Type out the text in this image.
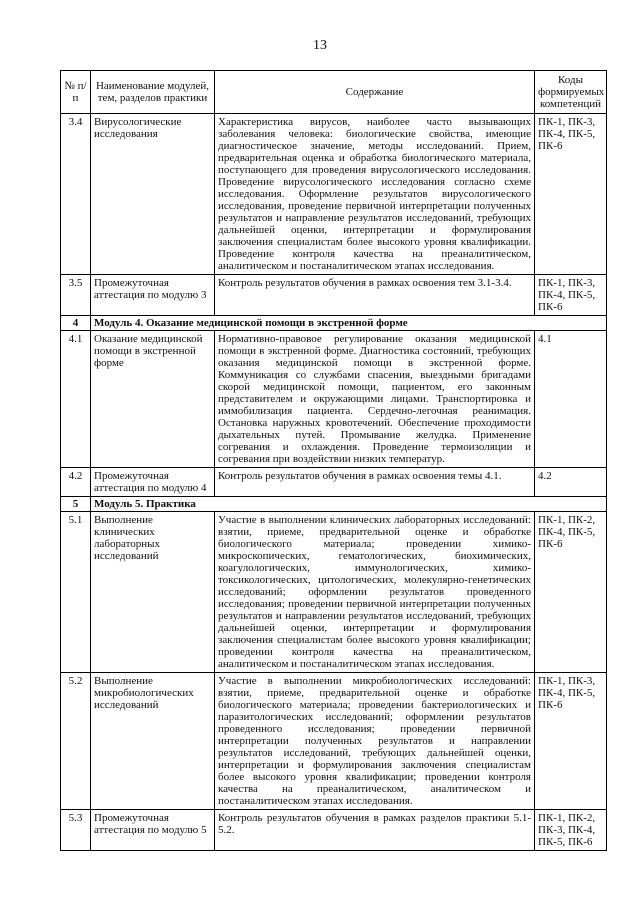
13
№ п/п	Наименование модулей, тем, разделов практики	Содержание	Коды формируемых компетенций
3.4	Вирусологические исследования	Характеристика вирусов, наиболее часто вызывающих заболевания человека: биологические свойства, имеющие диагностическое значение, методы исследований. Прием, предварительная оценка и обработка биологического материала, поступающего для проведения вирусологического исследования. Проведение вирусологического исследования согласно схеме исследования. Оформление результатов вирусологического исследования, проведение первичной интерпретации полученных результатов и направление результатов исследований, требующих дальнейшей оценки, интерпретации и формулирования заключения специалистам более высокого уровня квалификации. Проведение контроля качества на преаналитическом, аналитическом и постаналитическом этапах исследования.	ПК-1, ПК-3, ПК-4, ПК-5, ПК-6
3.5	Промежуточная аттестация по модулю 3	Контроль результатов обучения в рамках освоения тем 3.1-3.4.	ПК-1, ПК-3, ПК-4, ПК-5, ПК-6
4	Модуль 4. Оказание медицинской помощи в экстренной форме		
4.1	Оказание медицинской помощи в экстренной форме	Нормативно-правовое регулирование оказания медицинской помощи в экстренной форме. Диагностика состояний, требующих оказания медицинской помощи в экстренной форме. Коммуникация со службами спасения, выездными бригадами скорой медицинской помощи, пациентом, его законным представителем и окружающими лицами. Транспортировка и иммобилизация пациента. Сердечно-легочная реанимация. Остановка наружных кровотечений. Обеспечение проходимости дыхательных путей. Промывание желудка. Применение согревания и охлаждения. Проведение термоизоляции и согревания при воздействии низких температур.	4.1
4.2	Промежуточная аттестация по модулю 4	Контроль результатов обучения в рамках освоения темы 4.1.	4.2
5	Модуль 5. Практика		
5.1	Выполнение клинических лабораторных исследований	Участие в выполнении клинических лабораторных исследований: взятии, приеме, предварительной оценке и обработке биологического материала; проведении химико-микроскопических, гематологических, биохимических, коагулологических, иммунологических, химико-токсикологических, цитологических, молекулярно-генетических исследований; оформлении результатов проведенного исследования; проведении первичной интерпретации полученных результатов и направлении результатов исследований, требующих дальнейшей оценки, интерпретации и формулирования заключения специалистам более высокого уровня квалификации; проведении контроля качества на преаналитическом, аналитическом и постаналитическом этапах исследования.	ПК-1, ПК-2, ПК-4, ПК-5, ПК-6
5.2	Выполнение микробиологических исследований	Участие в выполнении микробиологических исследований: взятии, приеме, предварительной оценке и обработке биологического материала; проведении бактериологических и паразитологических исследований; оформлении результатов проведенного исследования; проведении первичной интерпретации полученных результатов и направлении результатов исследований, требующих дальнейшей оценки, интерпретации и формулирования заключения специалистам более высокого уровня квалификации; проведении контроля качества на преаналитическом, аналитическом и постаналитическом этапах исследования.	ПК-1, ПК-3, ПК-4, ПК-5, ПК-6
5.3	Промежуточная аттестация по модулю 5	Контроль результатов обучения в рамках разделов практики 5.1-5.2.	ПК-1, ПК-2, ПК-3, ПК-4, ПК-5, ПК-6
